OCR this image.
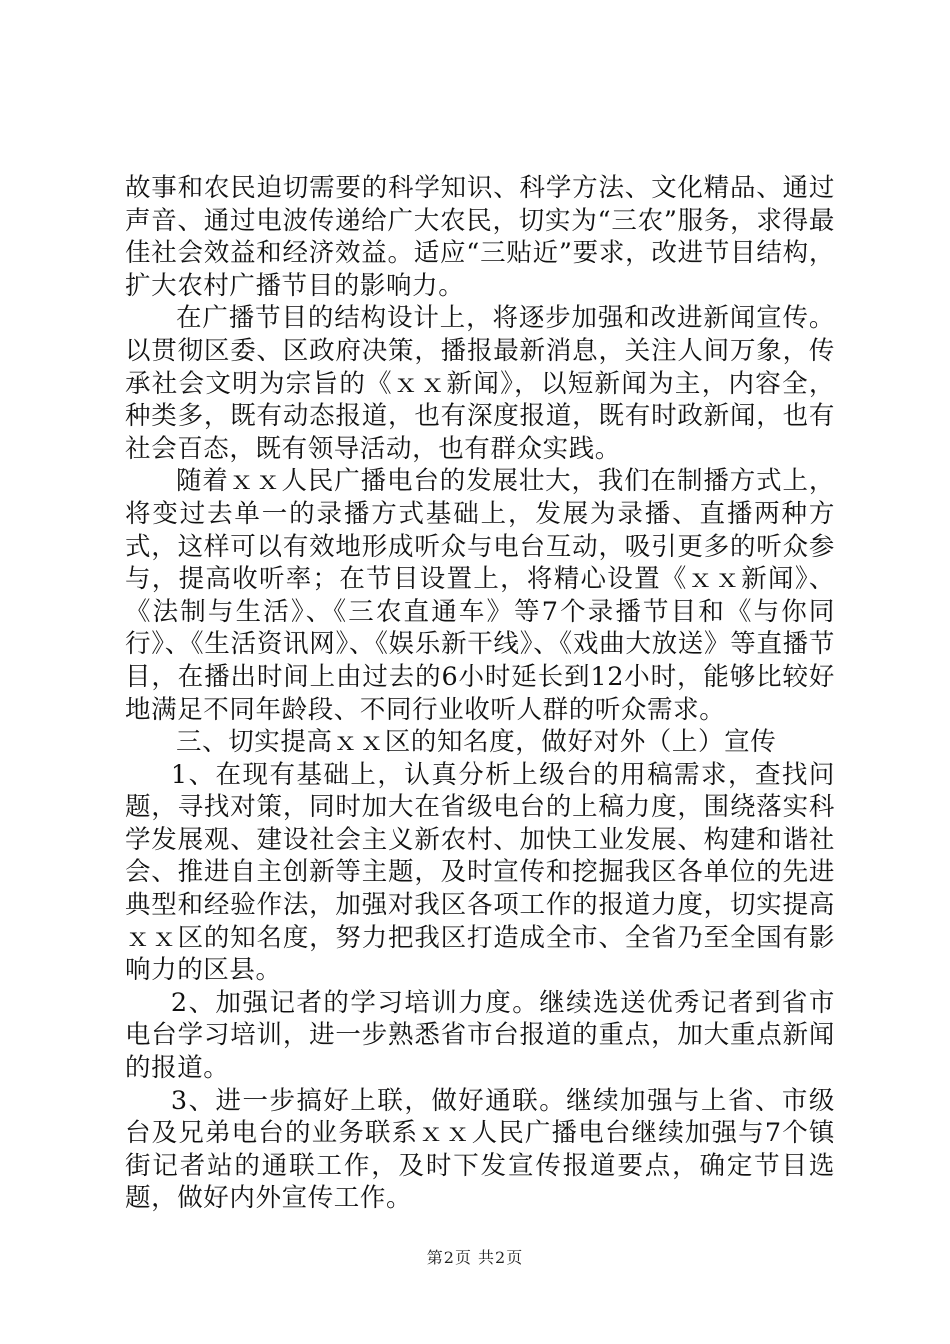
故事和农民迫切需要的科学知识、科学方法、文化精品、通过声音、通过电波传递给广大农民，切实为“三农”服务，求得最佳社会效益和经济效益。适应“三贴近”要求，改进节目结构，扩大农村广播节目的影响力。

在广播节目的结构设计上，将逐步加强和改进新闻宣传。以贯彻区委、区政府决策，播报最新消息，关注人间万象，传承社会文明为宗旨的《ｘｘ新闻》，以短新闻为主，内容全，种类多，既有动态报道，也有深度报道，既有时政新闻，也有社会百态，既有领导活动，也有群众实践。

随着ｘｘ人民广播电台的发展壮大，我们在制播方式上，将变过去单一的录播方式基础上，发展为录播、直播两种方式，这样可以有效地形成听众与电台互动，吸引更多的听众参与，提高收听率；在节目设置上，将精心设置《ｘｘ新闻》、《法制与生活》、《三农直通车》等7个录播节目和《与你同行》、《生活资讯网》、《娱乐新干线》、《戏曲大放送》等直播节目，在播出时间上由过去的6小时延长到12小时，能够比较好地满足不同年龄段、不同行业收听人群的听众需求。

三、切实提高ｘｘ区的知名度，做好对外（上）宣传

1、在现有基础上，认真分析上级台的用稿需求，查找问题，寻找对策，同时加大在省级电台的上稿力度，围绕落实科学发展观、建设社会主义新农村、加快工业发展、构建和谐社会、推进自主创新等主题，及时宣传和挖掘我区各单位的先进典型和经验作法，加强对我区各项工作的报道力度，切实提高ｘｘ区的知名度，努力把我区打造成全市、全省乃至全国有影响力的区县。

2、加强记者的学习培训力度。继续选送优秀记者到省市电台学习培训，进一步熟悉省市台报道的重点，加大重点新闻的报道。

3、进一步搞好上联，做好通联。继续加强与上省、市级台及兄弟电台的业务联系ｘｘ人民广播电台继续加强与7个镇街记者站的通联工作，及时下发宣传报道要点，确定节目选题，做好内外宣传工作。

第2页 共2页
